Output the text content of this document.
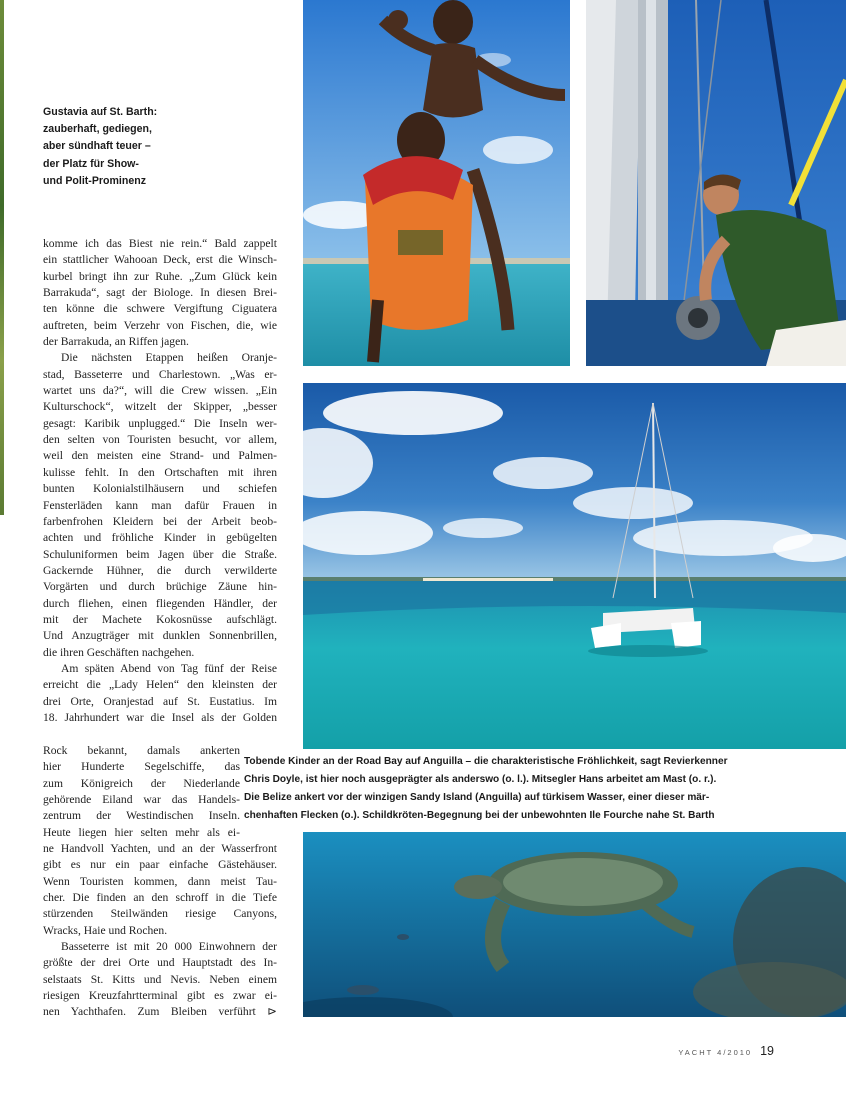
Gustavia auf St. Barth:
zauberhaft, gediegen,
aber sündhaft teuer –
der Platz für Show-
und Polit-Prominenz
komme ich das Biest nie rein.“ Bald zappelt
ein stattlicher Wahooan Deck, erst die Winsch-
kurbel bringt ihn zur Ruhe. „Zum Glück kein
Barrakuda“, sagt der Biologe. In diesen Brei-
ten könne die schwere Vergiftung Ciguatera
auftreten, beim Verzehr von Fischen, die, wie
der Barrakuda, an Riffen jagen.
Die nächsten Etappen heißen Oranje-
stad, Basseterre und Charlestown. „Was er-
wartet uns da?“, will die Crew wissen. „Ein
Kulturschock“, witzelt der Skipper, „besser
gesagt: Karibik unplugged.“ Die Inseln wer-
den selten von Touristen besucht, vor allem,
weil den meisten eine Strand- und Palmen-
kulisse fehlt. In den Ortschaften mit ihren
bunten Kolonialstilhäusern und schiefen
Fensterläden kann man dafür Frauen in
farbenfrohen Kleidern bei der Arbeit beob-
achten und fröhliche Kinder in gebügelten
Schuluniformen beim Jagen über die Straße.
Gackernde Hühner, die durch verwilderte
Vorgärten und durch brüchige Zäune hin-
durch fliehen, einen fliegenden Händler, der
mit der Machete Kokosnüsse aufschlägt.
Und Anzugträger mit dunklen Sonnenbrillen,
die ihren Geschäften nachgehen.
Am späten Abend von Tag fünf der Reise
erreicht die „Lady Helen“ den kleinsten der
drei Orte, Oranjestad auf St. Eustatius. Im
18. Jahrhundert war die Insel als der Golden
Rock bekannt, damals ankerten
hier Hunderte Segelschiffe, das
zum Königreich der Niederlande
gehörende Eiland war das Handels-
zentrum der Westindischen Inseln.
Heute liegen hier selten mehr als ei-
ne Handvoll Yachten, und an der Wasserfront
gibt es nur ein paar einfache Gästehäuser.
Wenn Touristen kommen, dann meist Tau-
cher. Die finden an den schroff in die Tiefe
stürzenden Steilwänden riesige Canyons,
Wracks, Haie und Rochen.
Basseterre ist mit 20 000 Einwohnern der
größte der drei Orte und Hauptstadt des In-
selstaats St. Kitts und Nevis. Neben einem
riesigen Kreuzfahrtterminal gibt es zwar ei-
nen Yachthafen. Zum Bleiben verführt ⊳
Tobende Kinder an der Road Bay auf Anguilla – die charakteristische Fröhlichkeit, sagt Revierkenner
Chris Doyle, ist hier noch ausgeprägter als anderswo (o. l.). Mitsegler Hans arbeitet am Mast (o. r.).
Die Belize ankert vor der winzigen Sandy Island (Anguilla) auf türkisem Wasser, einer dieser mär-
chenhaften Flecken (o.). Schildkröten-Begegnung bei der unbewohnten Ile Fourche nahe St. Barth
YACHT 4/2010 19
